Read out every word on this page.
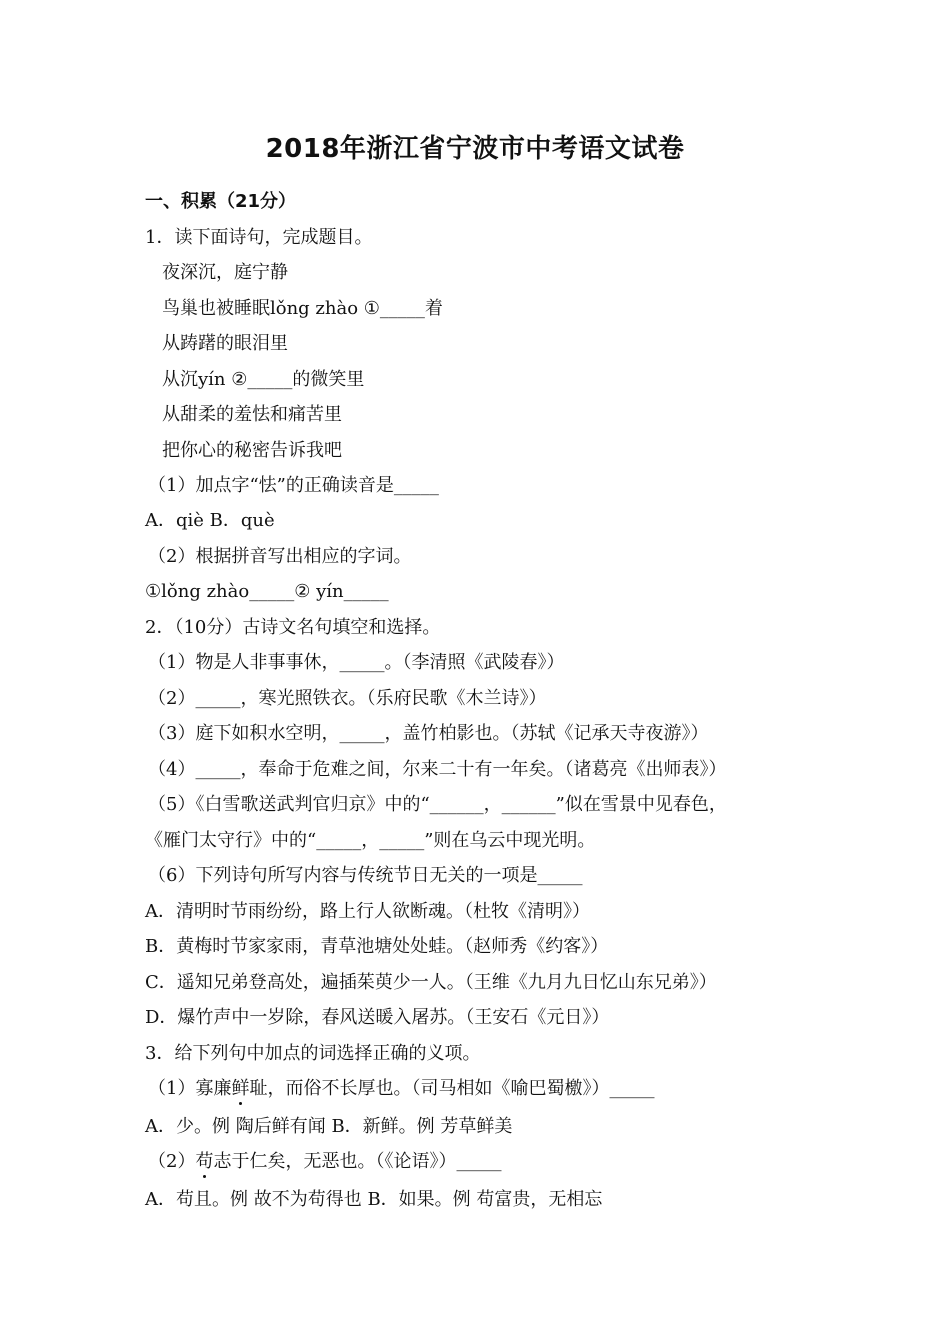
2018年浙江省宁波市中考语文试卷
一、积累（21分）
1．读下面诗句，完成题目。
夜深沉，庭宁静
鸟巢也被睡眠lǒng zhào ①_____着
从踌躇的眼泪里
从沉yín ②_____的微笑里
从甜柔的羞怯和痛苦里
把你心的秘密告诉我吧
（1）加点字“怯”的正确读音是_____
A．qiè B．què
（2）根据拼音写出相应的字词。
①lǒng zhào_____② yín_____
2．（10分）古诗文名句填空和选择。
（1）物是人非事事休，_____。（李清照《武陵春》）
（2）_____，寒光照铁衣。（乐府民歌《木兰诗》）
（3）庭下如积水空明，_____，盖竹柏影也。（苏轼《记承天寺夜游》）
（4）_____，奉命于危难之间，尔来二十有一年矣。（诸葛亮《出师表》）
（5）《白雪歌送武判官归京》中的“______，______”似在雪景中见春色，
《雁门太守行》中的“_____，_____”则在乌云中现光明。
（6）下列诗句所写内容与传统节日无关的一项是_____
A．清明时节雨纷纷，路上行人欲断魂。（杜牧《清明》）
B．黄梅时节家家雨，青草池塘处处蛙。（赵师秀《约客》）
C．遥知兄弟登高处，遍插茱萸少一人。（王维《九月九日忆山东兄弟》）
D．爆竹声中一岁除，春风送暖入屠苏。（王安石《元日》）
3．给下列句中加点的词选择正确的义项。
（1）寡廉鲜耻，而俗不长厚也。（司马相如《喻巴蜀檄》）_____
A．少。例 陶后鲜有闻 B．新鲜。例 芳草鲜美
（2）苟志于仁矣，无恶也。（《论语》）_____
A．苟且。例 故不为苟得也 B．如果。例 苟富贵，无相忘
